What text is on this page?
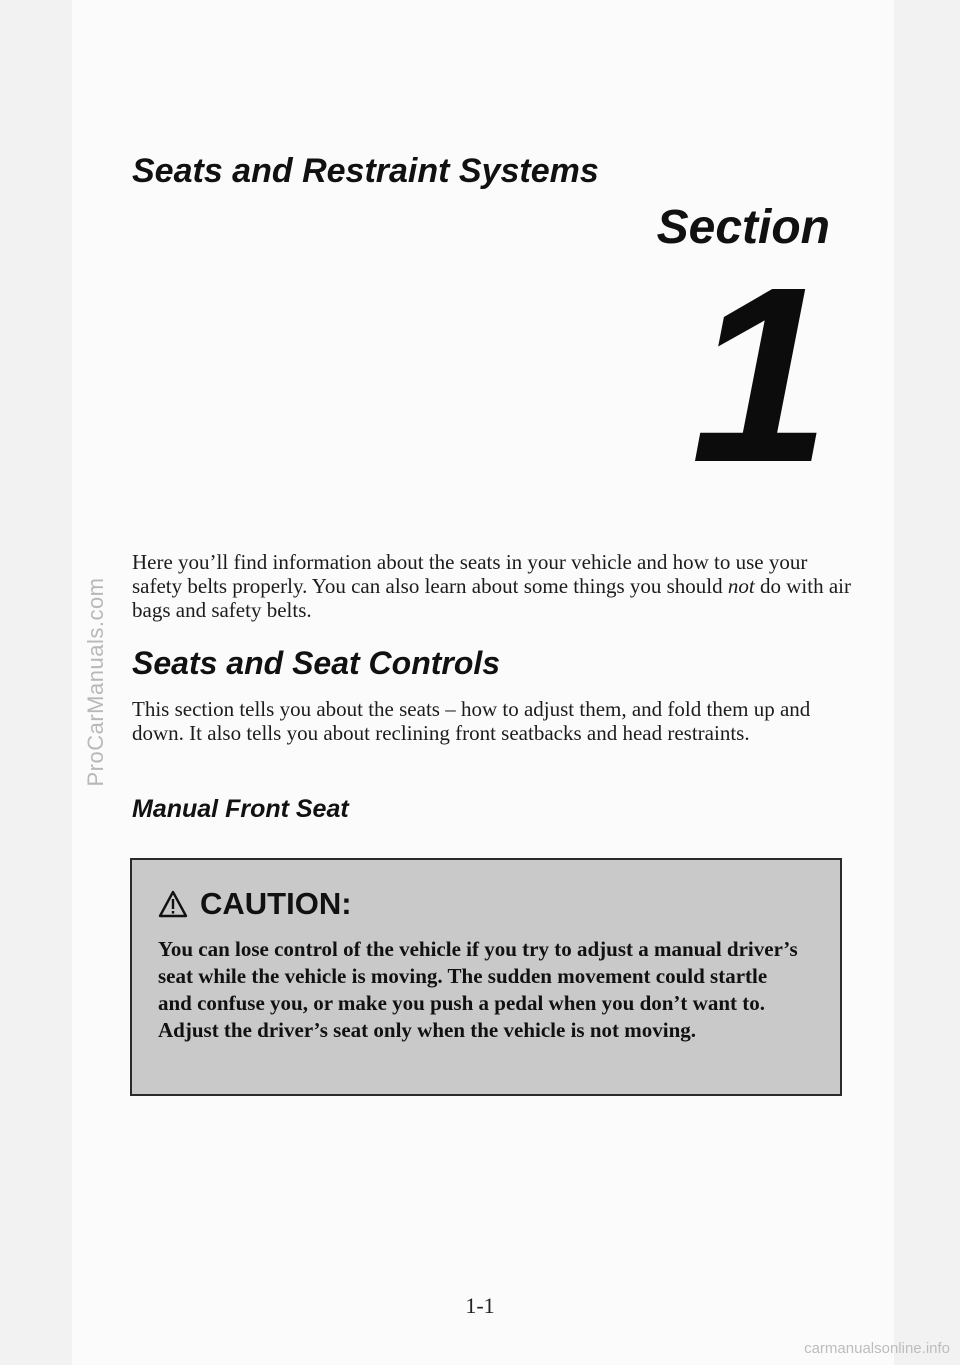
ProCarManuals.com
Seats and Restraint Systems
Section
1

Here you’ll find information about the seats in your vehicle and how to use your safety belts properly. You can also learn about some things you should not do with air bags and safety belts.

Seats and Seat Controls

This section tells you about the seats – how to adjust them, and fold them up and down. It also tells you about reclining front seatbacks and head restraints.

Manual Front Seat
CAUTION:

You can lose control of the vehicle if you try to adjust a manual driver’s seat while the vehicle is moving. The sudden movement could startle and confuse you, or make you push a pedal when you don’t want to. Adjust the driver’s seat only when the vehicle is not moving.

1-1
carmanualsonline.info
